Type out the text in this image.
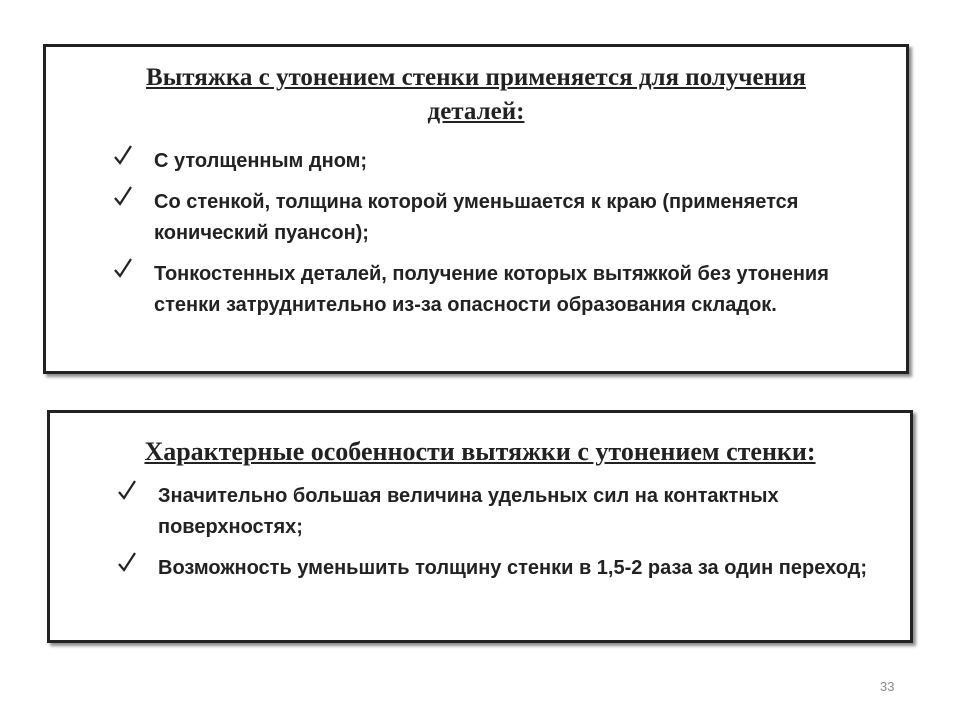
Вытяжка с утонением стенки применяется для получения деталей:
С утолщенным дном;
Со стенкой, толщина которой уменьшается к краю (применяется конический пуансон);
Тонкостенных деталей, получение которых вытяжкой без утонения стенки затруднительно из-за опасности образования складок.
Характерные особенности вытяжки с утонением стенки:
Значительно большая величина удельных сил на контактных поверхностях;
Возможность уменьшить толщину стенки в 1,5-2 раза за один переход;
33
